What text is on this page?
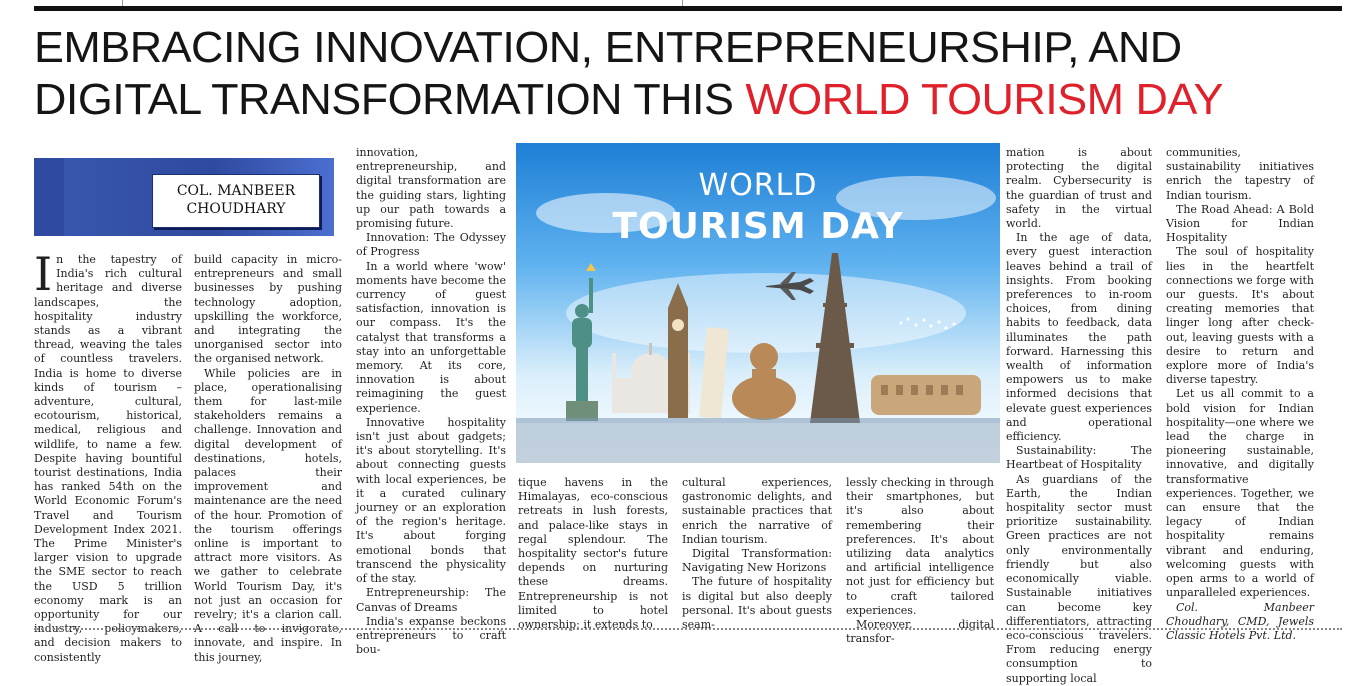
EMBRACING INNOVATION, ENTREPRENEURSHIP, AND
DIGITAL TRANSFORMATION THIS WORLD TOURISM DAY
COL. MANBEER
CHOUDHARY

In the tapestry of India's rich cultural heritage and diverse landscapes, the hospitality industry stands as a vibrant thread, weaving the tales of countless travelers. India is home to diverse kinds of tourism – adventure, cultural, ecotourism, historical, medical, religious and wildlife, to name a few. Despite having bountiful tourist destinations, India has ranked 54th on the World Economic Forum's Travel and Tourism Development Index 2021. The Prime Minister's larger vision to upgrade the SME sector to reach the USD 5 trillion economy mark is an opportunity for our industry, policymakers, and decision makers to consistently

build capacity in micro-entrepreneurs and small businesses by pushing technology adoption, upskilling the workforce, and integrating the unorganised sector into the organised network.

While policies are in place, operationalising them for last-mile stakeholders remains a challenge. Innovation and digital development of destinations, hotels, palaces their improvement and maintenance are the need of the hour. Promotion of the tourism offerings online is important to attract more visitors. As we gather to celebrate World Tourism Day, it's not just an occasion for revelry; it's a clarion call. A call to invigorate, innovate, and inspire. In this journey,

innovation, entrepreneurship, and digital transformation are the guiding stars, lighting up our path towards a promising future.

Innovation: The Odyssey of Progress

In a world where 'wow' moments have become the currency of guest satisfaction, innovation is our compass. It's the catalyst that transforms a stay into an unforgettable memory. At its core, innovation is about reimagining the guest experience.

Innovative hospitality isn't just about gadgets; it's about storytelling. It's about connecting guests with local experiences, be it a curated culinary journey or an exploration of the region's heritage. It's about forging emotional bonds that transcend the physicality of the stay.

Entrepreneurship: The Canvas of Dreams

India's expanse beckons entrepreneurs to craft bou-

WORLD
TOURISM DAY

tique havens in the Himalayas, eco-conscious retreats in lush forests, and palace-like stays in regal splendour. The hospitality sector's future depends on nurturing these dreams. Entrepreneurship is not limited to hotel ownership; it extends to

cultural experiences, gastronomic delights, and sustainable practices that enrich the narrative of Indian tourism.

Digital Transformation: Navigating New Horizons

The future of hospitality is digital but also deeply personal. It's about guests seam-

lessly checking in through their smartphones, but it's also about remembering their preferences. It's about utilizing data analytics and artificial intelligence not just for efficiency but to craft tailored experiences.

Moreover, digital transfor-

mation is about protecting the digital realm. Cybersecurity is the guardian of trust and safety in the virtual world.

In the age of data, every guest interaction leaves behind a trail of insights. From booking preferences to in-room choices, from dining habits to feedback, data illuminates the path forward. Harnessing this wealth of information empowers us to make informed decisions that elevate guest experiences and operational efficiency.

Sustainability: The Heartbeat of Hospitality

As guardians of the Earth, the Indian hospitality sector must prioritize sustainability. Green practices are not only environmentally friendly but also economically viable. Sustainable initiatives can become key differentiators, attracting eco-conscious travelers. From reducing energy consumption to supporting local

communities, sustainability initiatives enrich the tapestry of Indian tourism.

The Road Ahead: A Bold Vision for Indian Hospitality

The soul of hospitality lies in the heartfelt connections we forge with our guests. It's about creating memories that linger long after check-out, leaving guests with a desire to return and explore more of India's diverse tapestry.

Let us all commit to a bold vision for Indian hospitality—one where we lead the charge in pioneering sustainable, innovative, and digitally transformative experiences. Together, we can ensure that the legacy of Indian hospitality remains vibrant and enduring, welcoming guests with open arms to a world of unparalleled experiences.

Col. Manbeer Choudhary, CMD, Jewels Classic Hotels Pvt. Ltd.
